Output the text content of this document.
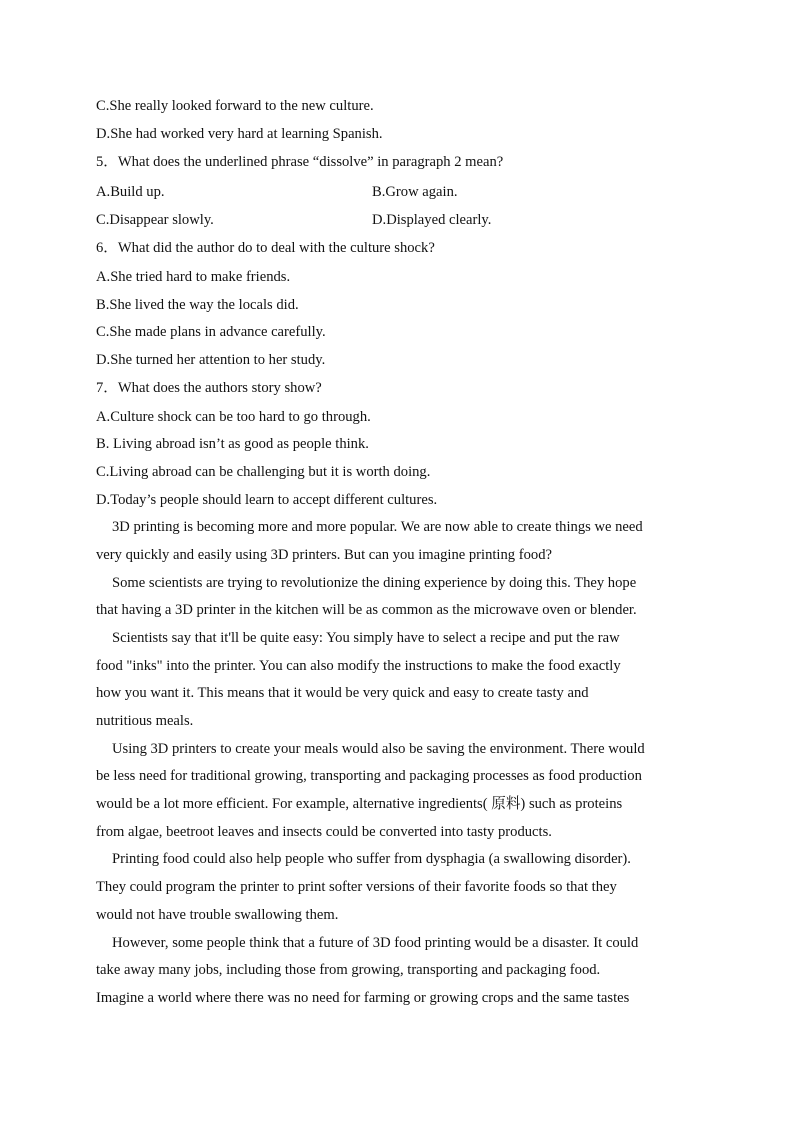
C.She really looked forward to the new culture.
D.She had worked very hard at learning Spanish.
5．What does the underlined phrase “dissolve” in paragraph 2 mean?
A.Build up.	B.Grow again.
C.Disappear slowly.	D.Displayed clearly.
6．What did the author do to deal with the culture shock?
A.She tried hard to make friends.
B.She lived the way the locals did.
C.She made plans in advance carefully.
D.She turned her attention to her study.
7．What does the authors story show?
A.Culture shock can be too hard to go through.
B. Living abroad isn’t as good as people think.
C.Living abroad can be challenging but it is worth doing.
D.Today’s people should learn to accept different cultures.
3D printing is becoming more and more popular. We are now able to create things we need
very quickly and easily using 3D printers. But can you imagine printing food?
Some scientists are trying to revolutionize the dining experience by doing this. They hope
that having a 3D printer in the kitchen will be as common as the microwave oven or blender.
Scientists say that it'll be quite easy: You simply have to select a recipe and put the raw
food "inks" into the printer. You can also modify the instructions to make the food exactly
how you want it. This means that it would be very quick and easy to create tasty and
nutritious meals.
Using 3D printers to create your meals would also be saving the environment. There would
be less need for traditional growing, transporting and packaging processes as food production
would be a lot more efficient. For example, alternative ingredients( 原料) such as proteins
from algae, beetroot leaves and insects could be converted into tasty products.
Printing food could also help people who suffer from dysphagia (a swallowing disorder).
They could program the printer to print softer versions of their favorite foods so that they
would not have trouble swallowing them.
However, some people think that a future of 3D food printing would be a disaster. It could
take away many jobs, including those from growing, transporting and packaging food.
Imagine a world where there was no need for farming or growing crops and the same tastes
